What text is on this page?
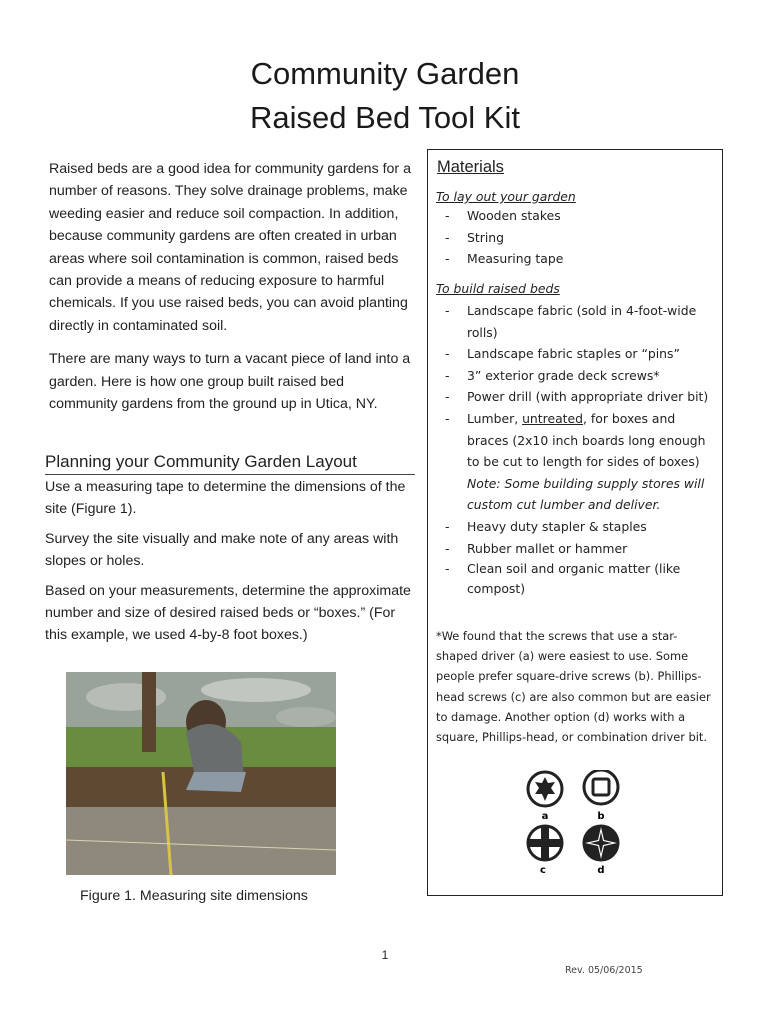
Community Garden
Raised Bed Tool Kit

Raised beds are a good idea for community gardens for a number of reasons. They solve drainage problems, make weeding easier and reduce soil compaction. In addition, because community gardens are often created in urban areas where soil contamination is common, raised beds can provide a means of reducing exposure to harmful chemicals. If you use raised beds, you can avoid planting directly in contaminated soil.

There are many ways to turn a vacant piece of land into a garden. Here is how one group built raised bed community gardens from the ground up in Utica, NY.

Planning your Community Garden Layout

Use a measuring tape to determine the dimensions of the site (Figure 1).

Survey the site visually and make note of any areas with slopes or holes.

Based on your measurements, determine the approximate number and size of desired raised beds or “boxes.” (For this example, we used 4-by-8 foot boxes.)

Figure 1. Measuring site dimensions
Materials
To lay out your garden
- Wooden stakes
- String
- Measuring tape
To build raised beds
- Landscape fabric (sold in 4-foot-wide rolls)
- Landscape fabric staples or “pins”
- 3” exterior grade deck screws*
- Power drill (with appropriate driver bit)
- Lumber, untreated, for boxes and braces (2x10 inch boards long enough to be cut to length for sides of boxes)
Note: Some building supply stores will custom cut lumber and deliver.
- Heavy duty stapler & staples
- Rubber mallet or hammer
- Clean soil and organic matter (like compost)
*We found that the screws that use a star-shaped driver (a) were easiest to use. Some people prefer square-drive screws (b). Phillips-head screws (c) are also common but are easier to damage. Another option (d) works with a square, Phillips-head, or combination driver bit.
a	b
c	d
1
Rev. 05/06/2015
